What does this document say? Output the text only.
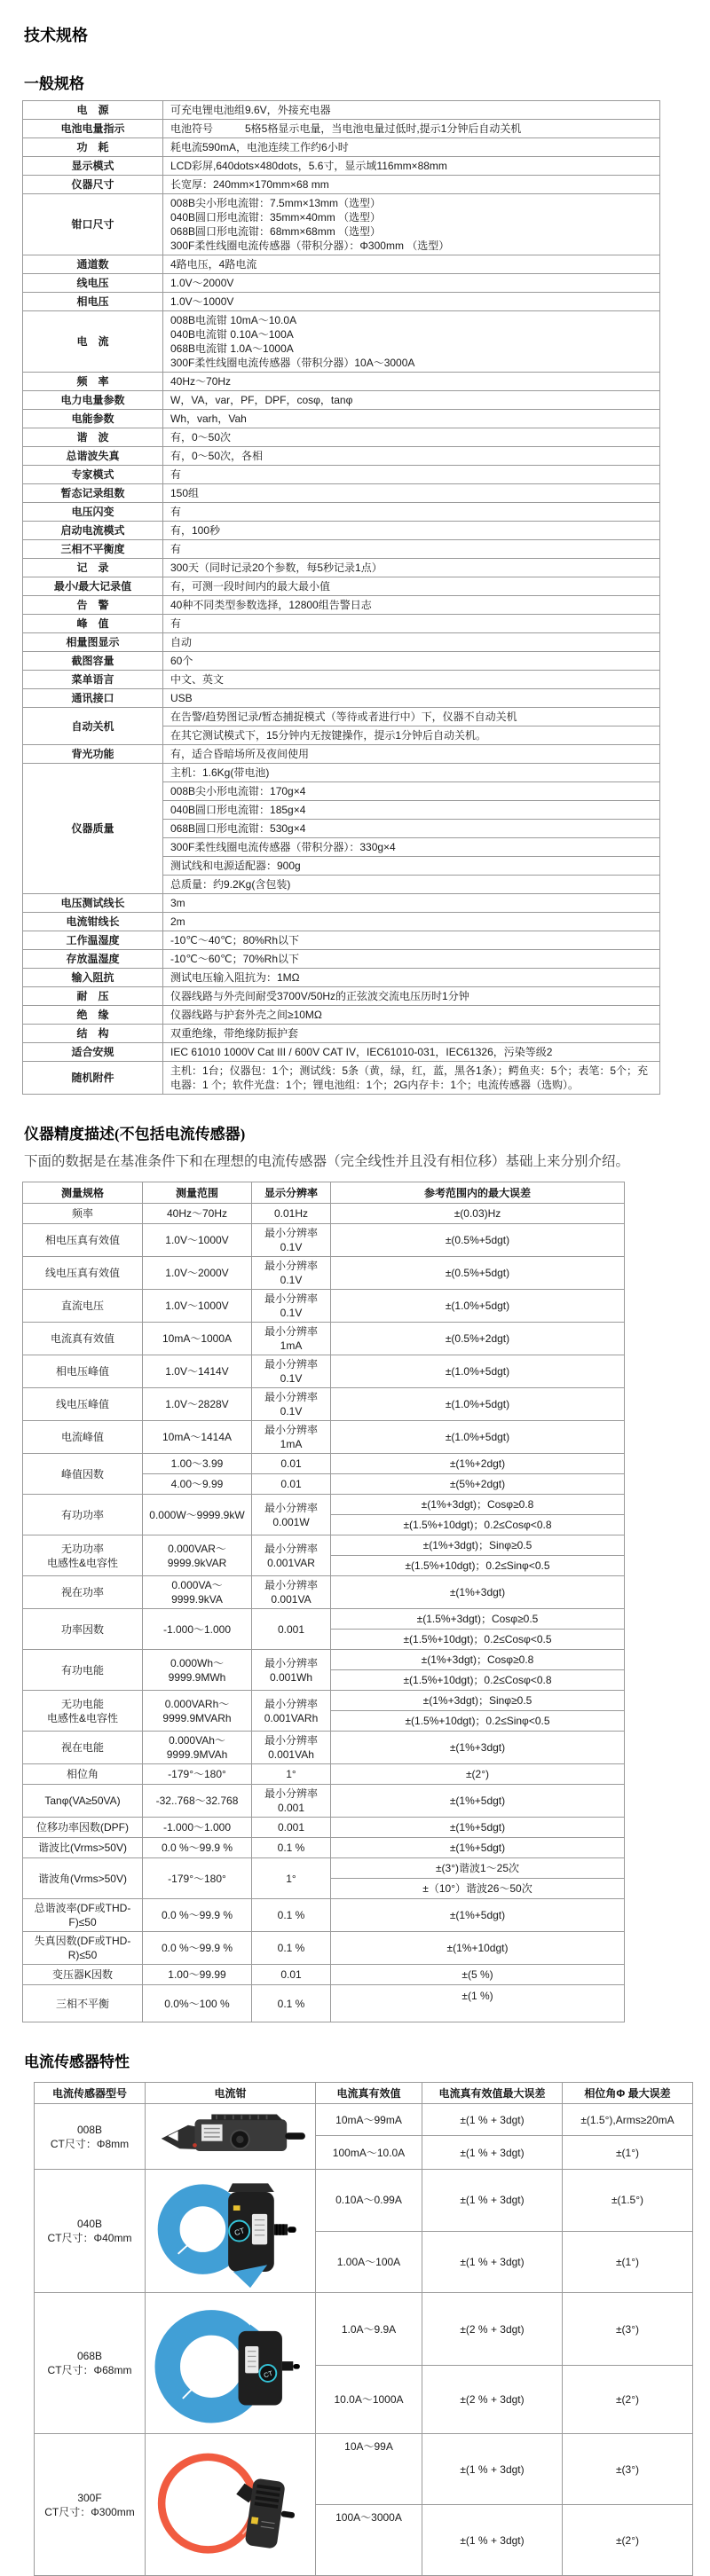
技术规格
一般规格
电　源	可充电锂电池组9.6V，外接充电器
电池电量指示	电池符号　　　5格5格显示电量，当电池电量过低时,提示1分钟后自动关机
功　耗	耗电流590mA，电池连续工作约6小时
显示模式	LCD彩屏,640dots×480dots，5.6寸，显示域116mm×88mm
仪器尺寸	长宽厚：240mm×170mm×68 mm
钳口尺寸	008B尖小形电流钳：7.5mm×13mm（选型）
040B圆口形电流钳：35mm×40mm （选型）
068B圆口形电流钳：68mm×68mm （选型）
300F柔性线圈电流传感器（带积分器）：Φ300mm （选型）
通道数	4路电压，4路电流
线电压	1.0V～2000V
相电压	1.0V～1000V
电　流	008B电流钳 10mA～10.0A
040B电流钳 0.10A～100A
068B电流钳 1.0A～1000A
300F柔性线圈电流传感器（带积分器）10A～3000A
频　率	40Hz～70Hz
电力电量参数	W，VA，var，PF，DPF，cosφ，tanφ
电能参数	Wh，varh，Vah
谐　波	有，0～50次
总谐波失真	有，0～50次，各相
专家模式	有
暂态记录组数	150组
电压闪变	有
启动电流模式	有，100秒
三相不平衡度	有
记　录	300天（同时记录20个参数，每5秒记录1点）
最小/最大记录值	有，可测一段时间内的最大最小值
告　警	40种不同类型参数选择，12800组告警日志
峰　值	有
相量图显示	自动
截图容量	60个
菜单语言	中文、英文
通讯接口	USB
自动关机	在告警/趋势图记录/暂态捕捉模式（等待或者进行中）下，仪器不自动关机
	在其它测试模式下，15分钟内无按键操作，提示1分钟后自动关机。
背光功能	有，适合昏暗场所及夜间使用
仪器质量	主机：1.6Kg(带电池)
	008B尖小形电流钳：170g×4
	040B圆口形电流钳：185g×4
	068B圆口形电流钳：530g×4
	300F柔性线圈电流传感器（带积分器）：330g×4
	测试线和电源适配器：900g
	总质量：约9.2Kg(含包装)
电压测试线长	3m
电流钳线长	2m
工作温湿度	-10℃～40℃；80%Rh以下
存放温湿度	-10℃～60℃；70%Rh以下
输入阻抗	测试电压输入阻抗为：1MΩ
耐　压	仪器线路与外壳间耐受3700V/50Hz的正弦波交流电压历时1分钟
绝　缘	仪器线路与护套外壳之间≥10MΩ
结　构	双重绝缘，带绝缘防振护套
适合安规	IEC 61010 1000V Cat III / 600V CAT IV，IEC61010-031，IEC61326，污染等级2
随机附件	主机：1台；仪器包：1个；测试线：5条（黄，绿，红，蓝，黑各1条）；鳄鱼夹：5个；表笔：5个；充电器：1 个；软件光盘：1个；锂电池组：1个；2G内存卡：1个；电流传感器（选购）。
仪器精度描述(不包括电流传感器)

下面的数据是在基准条件下和在理想的电流传感器（完全线性并且没有相位移）基础上来分别介绍。

测量规格	测量范围	显示分辨率	参考范围内的最大误差
频率	40Hz～70Hz	0.01Hz	±(0.03)Hz
相电压真有效值	1.0V～1000V	最小分辨率0.1V	±(0.5%+5dgt)
线电压真有效值	1.0V～2000V	最小分辨率0.1V	±(0.5%+5dgt)
直流电压	1.0V～1000V	最小分辨率0.1V	±(1.0%+5dgt)
电流真有效值	10mA～1000A	最小分辨率1mA	±(0.5%+2dgt)
相电压峰值	1.0V～1414V	最小分辨率0.1V	±(1.0%+5dgt)
线电压峰值	1.0V～2828V	最小分辨率0.1V	±(1.0%+5dgt)
电流峰值	10mA～1414A	最小分辨率1mA	±(1.0%+5dgt)
峰值因数	1.00～3.99	0.01	±(1%+2dgt)
	4.00～9.99	0.01	±(5%+2dgt)
有功功率	0.000W～9999.9kW	最小分辨率0.001W	±(1%+3dgt)；Cosφ≥0.8
			±(1.5%+10dgt)；0.2≤Cosφ<0.8
无功功率
电感性&电容性	0.000VAR～9999.9kVAR	最小分辨率0.001VAR	±(1%+3dgt)；Sinφ≥0.5
			±(1.5%+10dgt)；0.2≤Sinφ<0.5
视在功率	0.000VA～9999.9kVA	最小分辨率0.001VA	±(1%+3dgt)
功率因数	-1.000～1.000	0.001	±(1.5%+3dgt)；Cosφ≥0.5
			±(1.5%+10dgt)；0.2≤Cosφ<0.5
有功电能	0.000Wh～9999.9MWh	最小分辨率0.001Wh	±(1%+3dgt)；Cosφ≥0.8
			±(1.5%+10dgt)；0.2≤Cosφ<0.8
无功电能
电感性&电容性	0.000VARh～9999.9MVARh	最小分辨率0.001VARh	±(1%+3dgt)；Sinφ≥0.5
			±(1.5%+10dgt)；0.2≤Sinφ<0.5
视在电能	0.000VAh～9999.9MVAh	最小分辨率0.001VAh	±(1%+3dgt)
相位角	-179°～180°	1°	±(2°)
Tanφ(VA≥50VA)	-32..768～32.768	最小分辨率0.001	±(1%+5dgt)
位移功率因数(DPF)	-1.000～1.000	0.001	±(1%+5dgt)
谐波比(Vrms>50V)	0.0 %～99.9 %	0.1 %	±(1%+5dgt)
谐波角(Vrms>50V)	-179°～180°	1°	±(3°)谐波1～25次
			±（10°）谐波26～50次
总谐波率(DF或THD-F)≤50	0.0 %～99.9 %	0.1 %	±(1%+5dgt)
失真因数(DF或THD-R)≤50	0.0 %～99.9 %	0.1 %	±(1%+10dgt)
变压器K因数	1.00～99.99	0.01	±(5 %)
三相不平衡	0.0%～100 %	0.1 %	±(1 %)
电流传感器特性
电流传感器型号	电流钳	电流真有效值	电流真有效值最大误差	相位角Φ 最大误差
008B
CT尺寸：Φ8mm		10mA～99mA	±(1 % + 3dgt)	±(1.5°),Arms≥20mA
		100mA～10.0A	±(1 % + 3dgt)	±(1°)
040B
CT尺寸：Φ40mm	CT	0.10A～0.99A	±(1 % + 3dgt)	±(1.5°)
		1.00A～100A	±(1 % + 3dgt)	±(1°)
068B
CT尺寸：Φ68mm	CT	1.0A～9.9A	±(2 % + 3dgt)	±(3°)
		10.0A～1000A	±(2 % + 3dgt)	±(2°)
300F
CT尺寸：Φ300mm		10A～99A	±(1 % + 3dgt)	±(3°)
		100A～3000A	±(1 % + 3dgt)	±(2°)
